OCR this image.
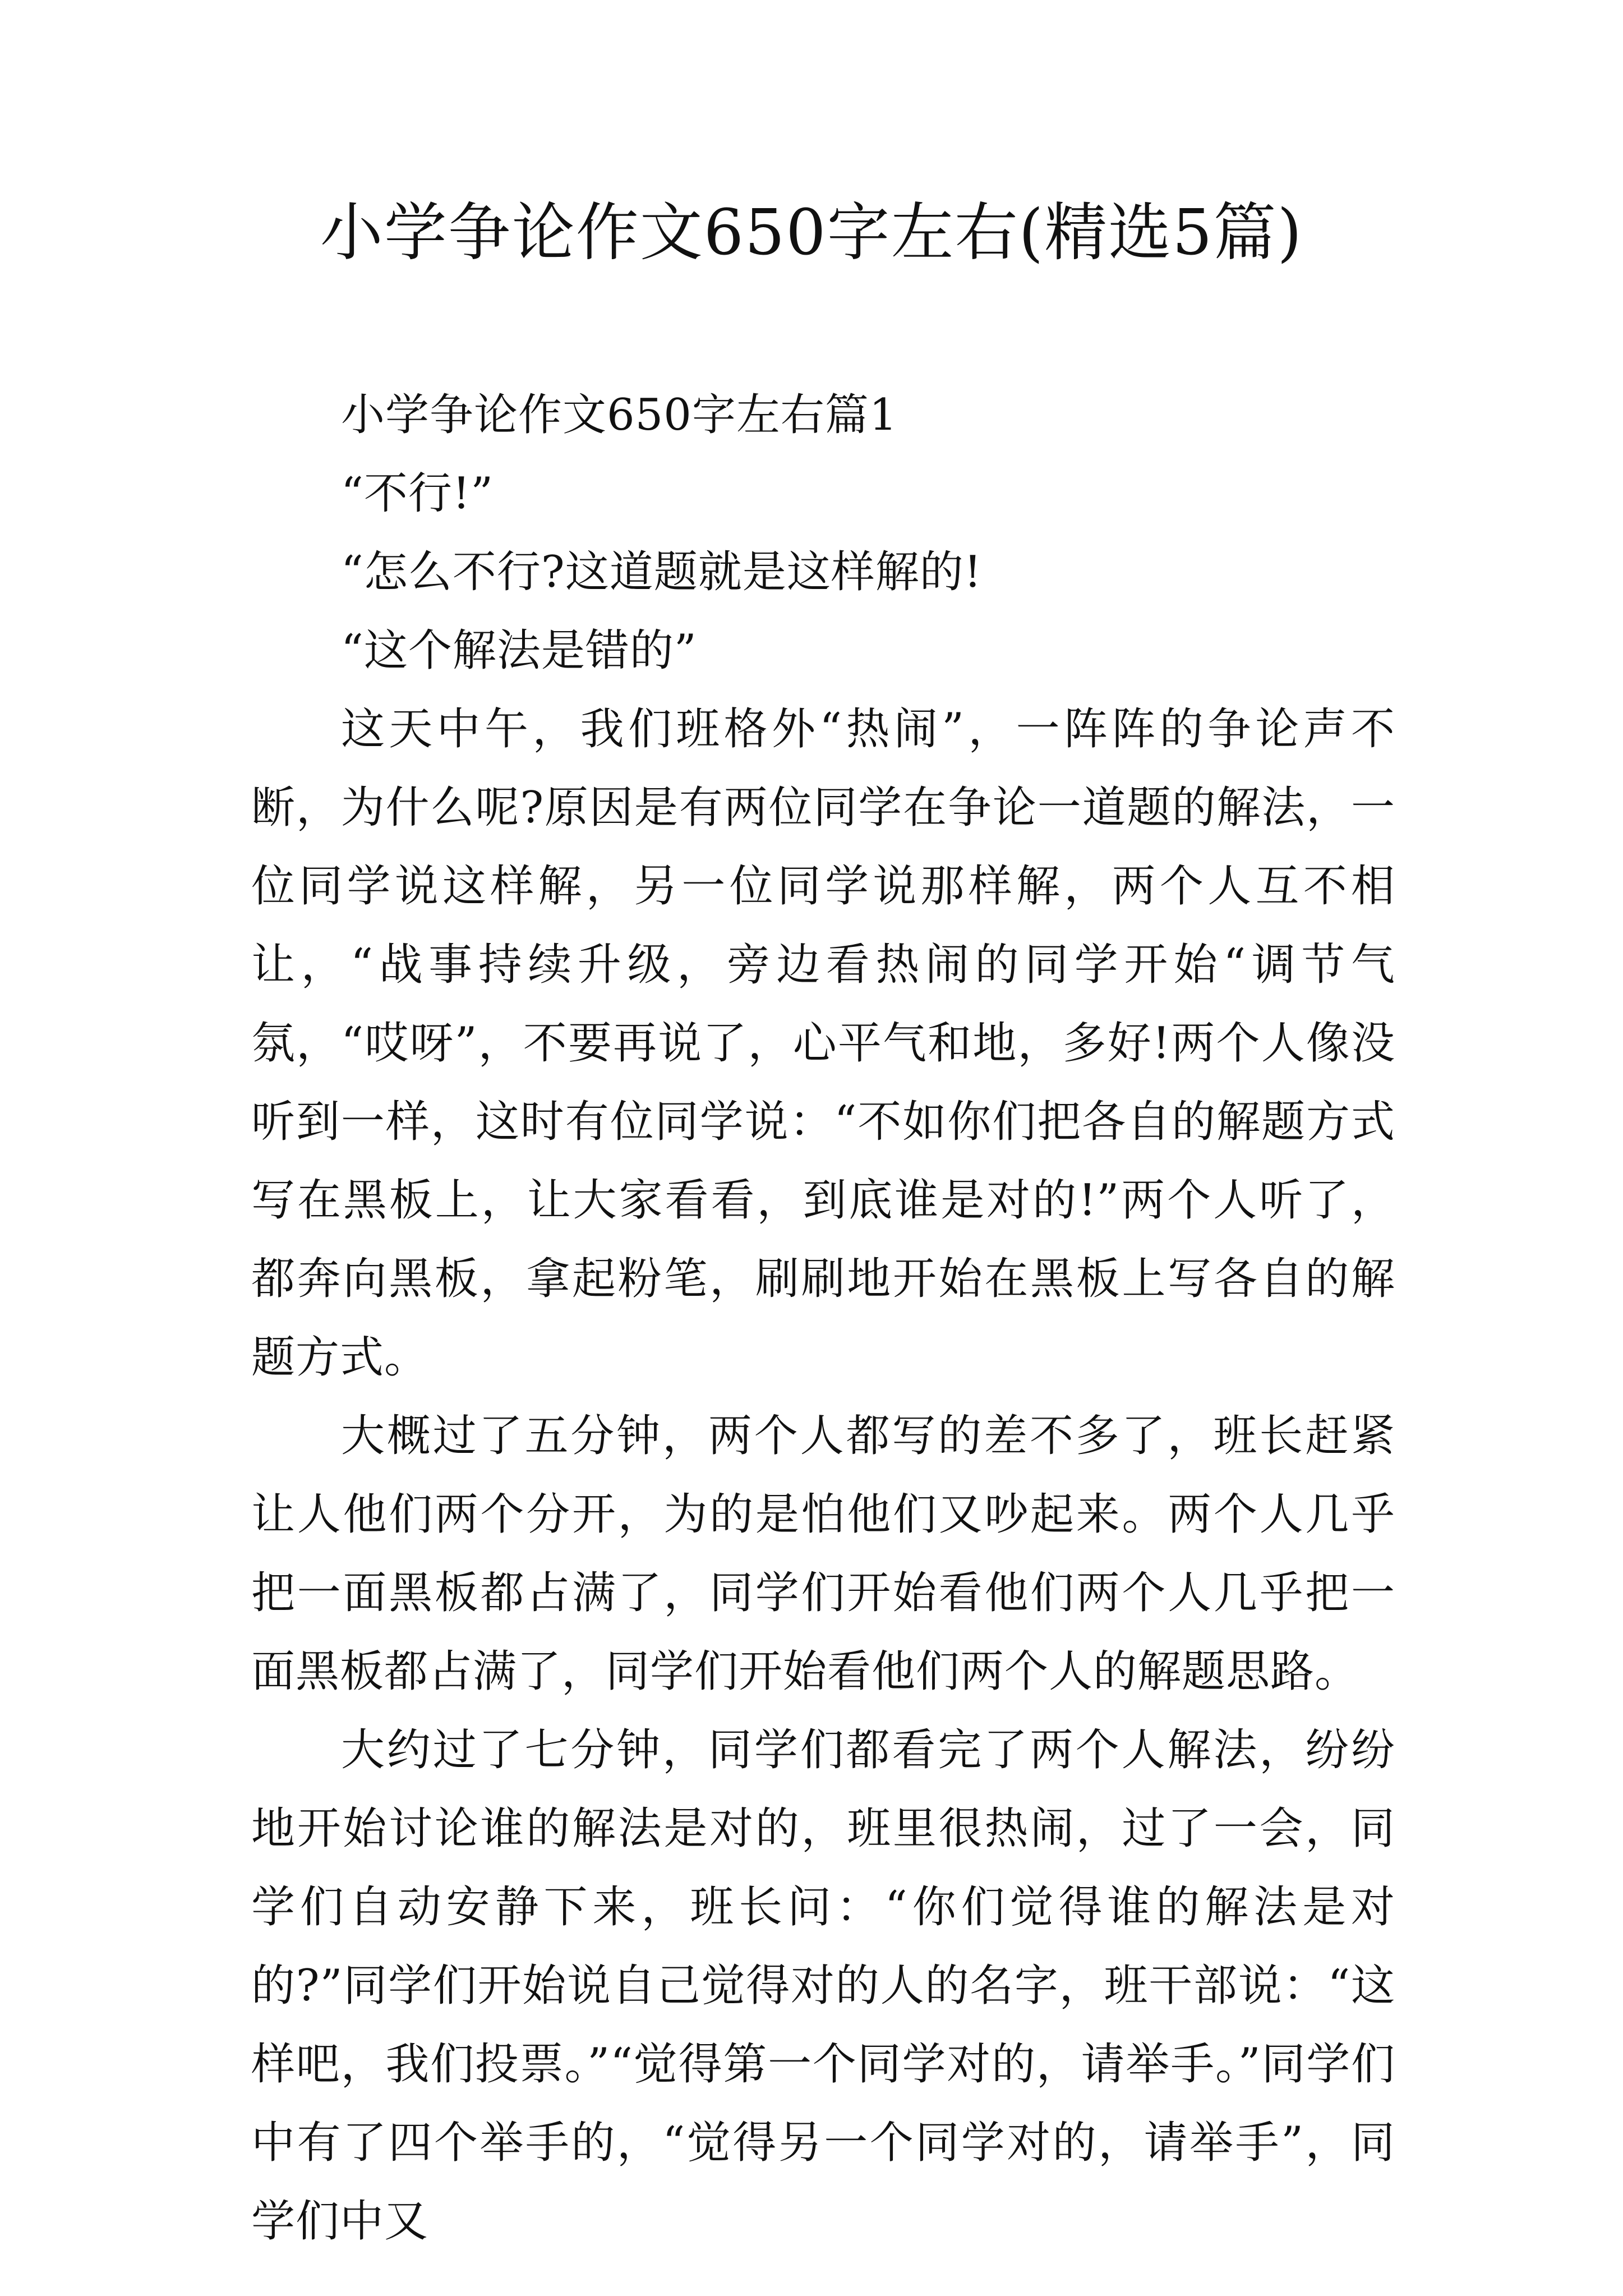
小学争论作文650字左右(精选5篇)

小学争论作文650字左右篇1

“不行!”

“怎么不行?这道题就是这样解的!

“这个解法是错的”

这天中午，我们班格外“热闹”，一阵阵的争论声不断，为什么呢?原因是有两位同学在争论一道题的解法，一位同学说这样解，另一位同学说那样解，两个人互不相让，“战事持续升级，旁边看热闹的同学开始“调节气氛，“哎呀”，不要再说了，心平气和地，多好!两个人像没听到一样，这时有位同学说：“不如你们把各自的解题方式写在黑板上，让大家看看，到底谁是对的!”两个人听了，都奔向黑板，拿起粉笔，刷刷地开始在黑板上写各自的解题方式。

大概过了五分钟，两个人都写的差不多了，班长赶紧让人他们两个分开，为的是怕他们又吵起来。两个人几乎把一面黑板都占满了，同学们开始看他们两个人几乎把一面黑板都占满了，同学们开始看他们两个人的解题思路。

大约过了七分钟，同学们都看完了两个人解法，纷纷地开始讨论谁的解法是对的，班里很热闹，过了一会，同学们自动安静下来，班长问：“你们觉得谁的解法是对的?”同学们开始说自己觉得对的人的名字，班干部说：“这样吧，我们投票。”“觉得第一个同学对的，请举手。”同学们中有了四个举手的，“觉得另一个同学对的，请举手”，同学们中又
